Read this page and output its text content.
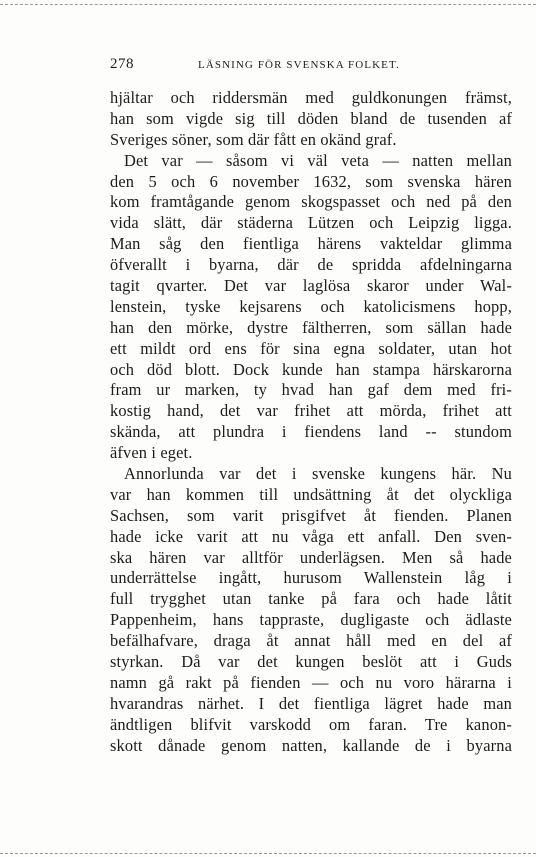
278	LÄSNING FÖR SVENSKA FOLKET.
hjältar och riddersmän med guldkonungen främst,
han som vigde sig till döden bland de tusenden af
Sveriges söner, som där fått en okänd graf.
Det var — såsom vi väl veta — natten mellan
den 5 och 6 november 1632, som svenska hären
kom framtågande genom skogspasset och ned på den
vida slätt, där städerna Lützen och Leipzig ligga.
Man såg den fientliga härens vakteldar glimma
öfverallt i byarna, där de spridda afdelningarna
tagit qvarter. Det var laglösa skaror under Wal-
lenstein, tyske kejsarens och katolicismens hopp,
han den mörke, dystre fältherren, som sällan hade
ett mildt ord ens för sina egna soldater, utan hot
och död blott. Dock kunde han stampa härskarorna
fram ur marken, ty hvad han gaf dem med fri-
kostig hand, det var frihet att mörda, frihet att
skända, att plundra i fiendens land -- stundom
äfven i eget.
Annorlunda var det i svenske kungens här. Nu
var han kommen till undsättning åt det olyckliga
Sachsen, som varit prisgifvet åt fienden. Planen
hade icke varit att nu våga ett anfall. Den sven-
ska hären var alltför underlägsen. Men så hade
underrättelse ingått, hurusom Wallenstein låg i
full trygghet utan tanke på fara och hade låtit
Pappenheim, hans tappraste, dugligaste och ädlaste
befälhafvare, draga åt annat håll med en del af
styrkan. Då var det kungen beslöt att i Guds
namn gå rakt på fienden — och nu voro härarna i
hvarandras närhet. I det fientliga lägret hade man
ändtligen blifvit varskodd om faran. Tre kanon-
skott dånade genom natten, kallande de i byarna
